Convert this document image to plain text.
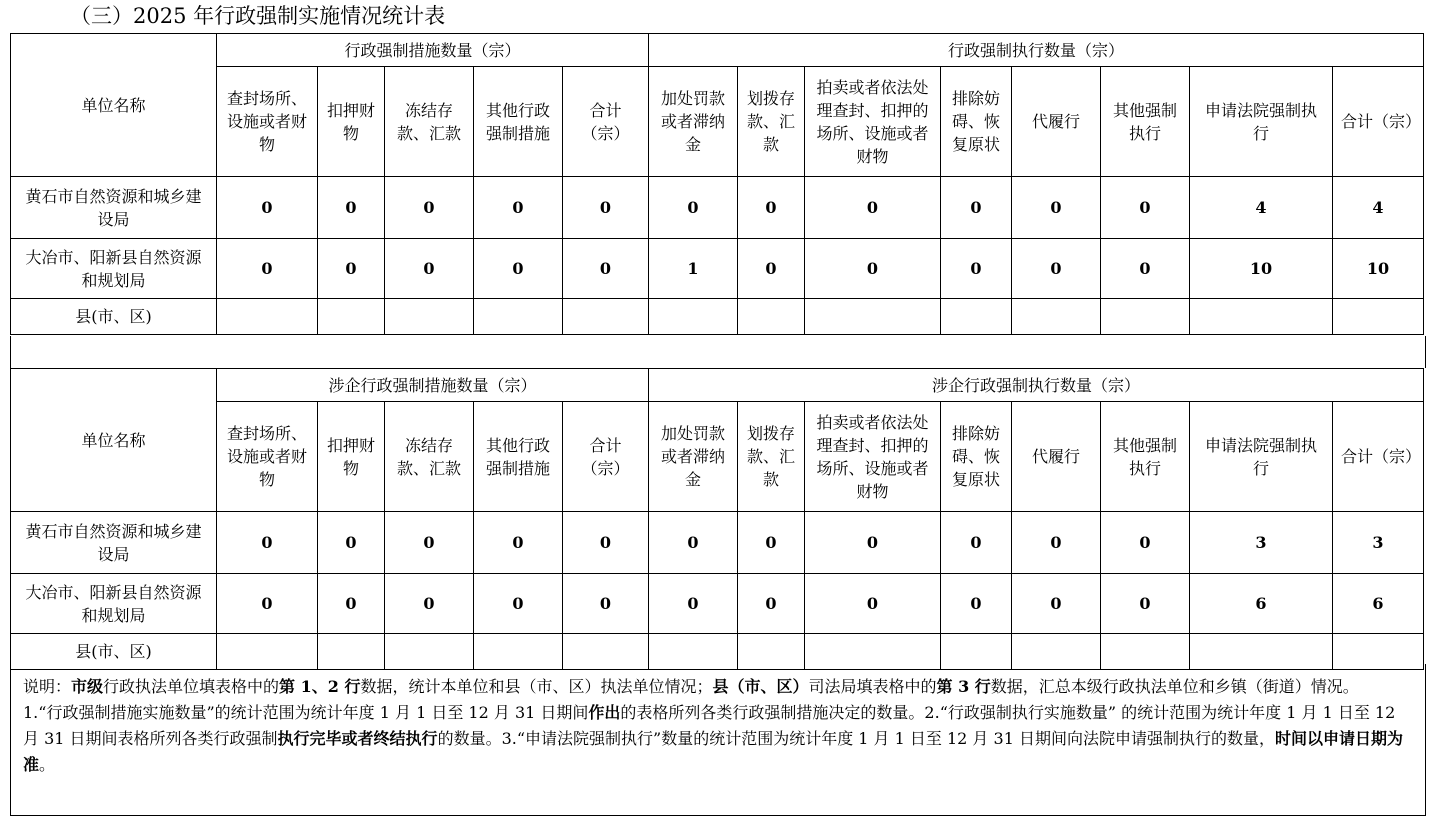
（三）2025 年行政强制实施情况统计表
单位名称	行政强制措施数量（宗）					行政强制执行数量（宗）							
	查封场所、设施或者财物	扣押财物	冻结存款、汇款	其他行政强制措施	合计（宗）	加处罚款或者滞纳金	划拨存款、汇款	拍卖或者依法处理查封、扣押的场所、设施或者财物	排除妨碍、恢复原状	代履行	其他强制执行	申请法院强制执行	合计（宗）
黄石市自然资源和城乡建设局	0	0	0	0	0	0	0	0	0	0	0	4	4
大冶市、阳新县自然资源和规划局	0	0	0	0	0	1	0	0	0	0	0	10	10
县(市、区)													
单位名称	涉企行政强制措施数量（宗）					涉企行政强制执行数量（宗）							
	查封场所、设施或者财物	扣押财物	冻结存款、汇款	其他行政强制措施	合计（宗）	加处罚款或者滞纳金	划拨存款、汇款	拍卖或者依法处理查封、扣押的场所、设施或者财物	排除妨碍、恢复原状	代履行	其他强制执行	申请法院强制执行	合计（宗）
黄石市自然资源和城乡建设局	0	0	0	0	0	0	0	0	0	0	0	3	3
大冶市、阳新县自然资源和规划局	0	0	0	0	0	0	0	0	0	0	0	6	6
县(市、区)													

说明：市级行政执法单位填表格中的第 1、2 行数据，统计本单位和县（市、区）执法单位情况；县（市、区）司法局填表格中的第 3 行数据，汇总本级行政执法单位和乡镇（街道）情况。

1.“行政强制措施实施数量”的统计范围为统计年度 1 月 1 日至 12 月 31 日期间作出的表格所列各类行政强制措施决定的数量。2.“行政强制执行实施数量” 的统计范围为统计年度 1 月 1 日至 12 月 31 日期间表格所列各类行政强制执行完毕或者终结执行的数量。3.“申请法院强制执行”数量的统计范围为统计年度 1 月 1 日至 12 月 31 日期间向法院申请强制执行的数量，时间以申请日期为准。
